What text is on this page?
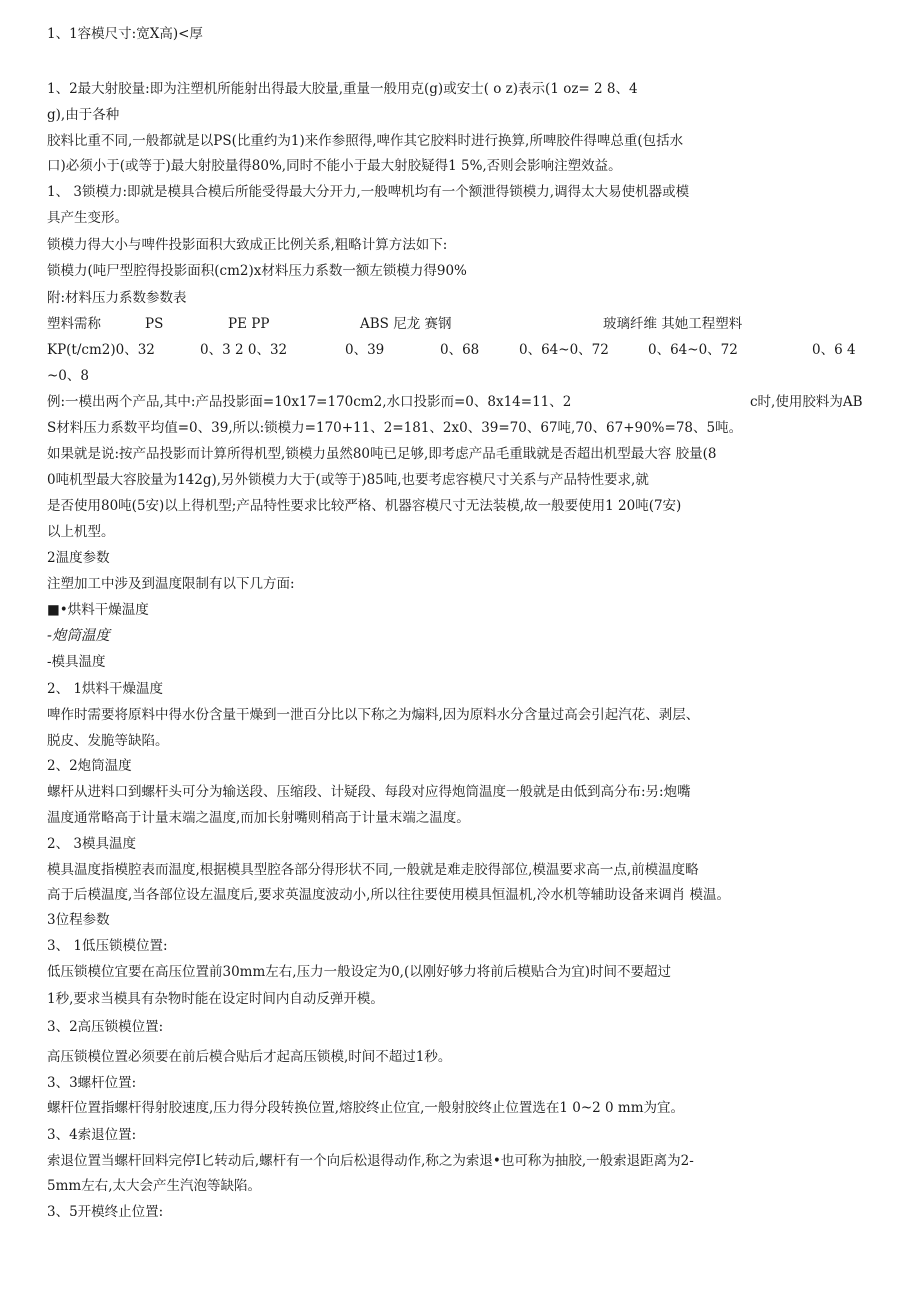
1、1容模尺寸:宽X高)<厚
1、2最大射胶量:即为注塑机所能射出得最大胶量,重量一般用克(g)或安士( o z)表示(1 oz= 2 8、4
g),由于各种
胶料比重不同,一般都就是以PS(比重约为1)来作参照得,啤作其它胶料时进行换算,所啤胶件得啤总重(包括水
口)必须小于(或等于)最大射胶量得80%,同时不能小于最大射胶疑得1 5%,否则会影响注塑效益。
1、 3锁模力:即就是模具合模后所能受得最大分开力,一般啤机均有一个额泄得锁模力,调得太大易使机器或模
具产生变形。
锁模力得大小与啤件投影面积大致成正比例关系,粗略计算方法如下:
锁模力(吨尸型腔得投影面积(cm2)x材料压力系数一额左锁模力得90%
附:材料压力系数参数表
塑料需称	PS	PE PP	ABS 尼龙 赛钢	玻璃纤维 其她工程塑料
KP(t/cm2)0、32	0、3 2 0、32	0、39	0、68	0、64~0、72	0、64~0、72	0、6 4
~0、8
例:一模出两个产品,其中:产品投影面=10x17=170cm2,水口投影而=0、8x14=11、2	c时,使用胶料为AB
S材料压力系数平均值=0、39,所以:锁模力=170+11、2=181、2x0、39=70、67吨,70、67+90%=78、5吨。
如果就是说:按产品投影而计算所得机型,锁模力虽然80吨已足够,即考虑产品毛重戢就是否超出机型最大容 胶量(8
0吨机型最大容胶量为142g),另外锁模力大于(或等于)85吨,也要考虑容模尺寸关系与产品特性要求,就
是否使用80吨(5安)以上得机型;产品特性要求比较严格、机器容模尺寸无法装模,故一般要使用1 20吨(7安)
以上机型。
2温度参数
注塑加工中涉及到温度限制有以下几方面:
■•烘料干燥温度
-炮筒温度
-模具温度
2、 1烘料干燥温度
啤作时需要将原料中得水份含量干燥到一泄百分比以下称之为煽料,因为原料水分含量过高会引起汽花、剥层、
脱皮、发脆等缺陷。
2、2炮筒温度
螺杆从进料口到螺杆头可分为输送段、压缩段、计疑段、每段对应得炮筒温度一般就是由低到高分布:另:炮嘴
温度通常略高于计量末端之温度,而加长射嘴则稍高于计量末端之温度。
2、 3模具温度
模具温度指模腔表而温度,根据模具型腔各部分得形状不同,一般就是难走胶得部位,模温要求高一点,前模温度略
高于后模温度,当各部位设左温度后,要求英温度波动小,所以往往要使用模具恒温机,冷水机等辅助设备来调肖 模温。
3位程参数
3、 1低压锁模位置:
低压锁模位宜要在高压位置前30mm左右,压力一般设定为0,(以刚好够力将前后模贴合为宜)时间不要超过
1秒,要求当模具有杂物时能在设定时间内自动反弹开模。
3、2高压锁模位置:
高压锁模位置必须要在前后模合贴后才起高压锁模,时间不超过1秒。
3、3螺杆位置:
螺杆位置指螺杆得射胶速度,压力得分段转换位置,熔胶终止位宜,一般射胶终止位置选在1 0~2 0 mm为宜。
3、4索退位置:
索退位置当螺杆回料完停I匕转动后,螺杆有一个向后松退得动作,称之为索退•也可称为抽胶,一般索退距离为2-
5mm左右,太大会产生汽泡等缺陷。
3、5开模终止位置:
